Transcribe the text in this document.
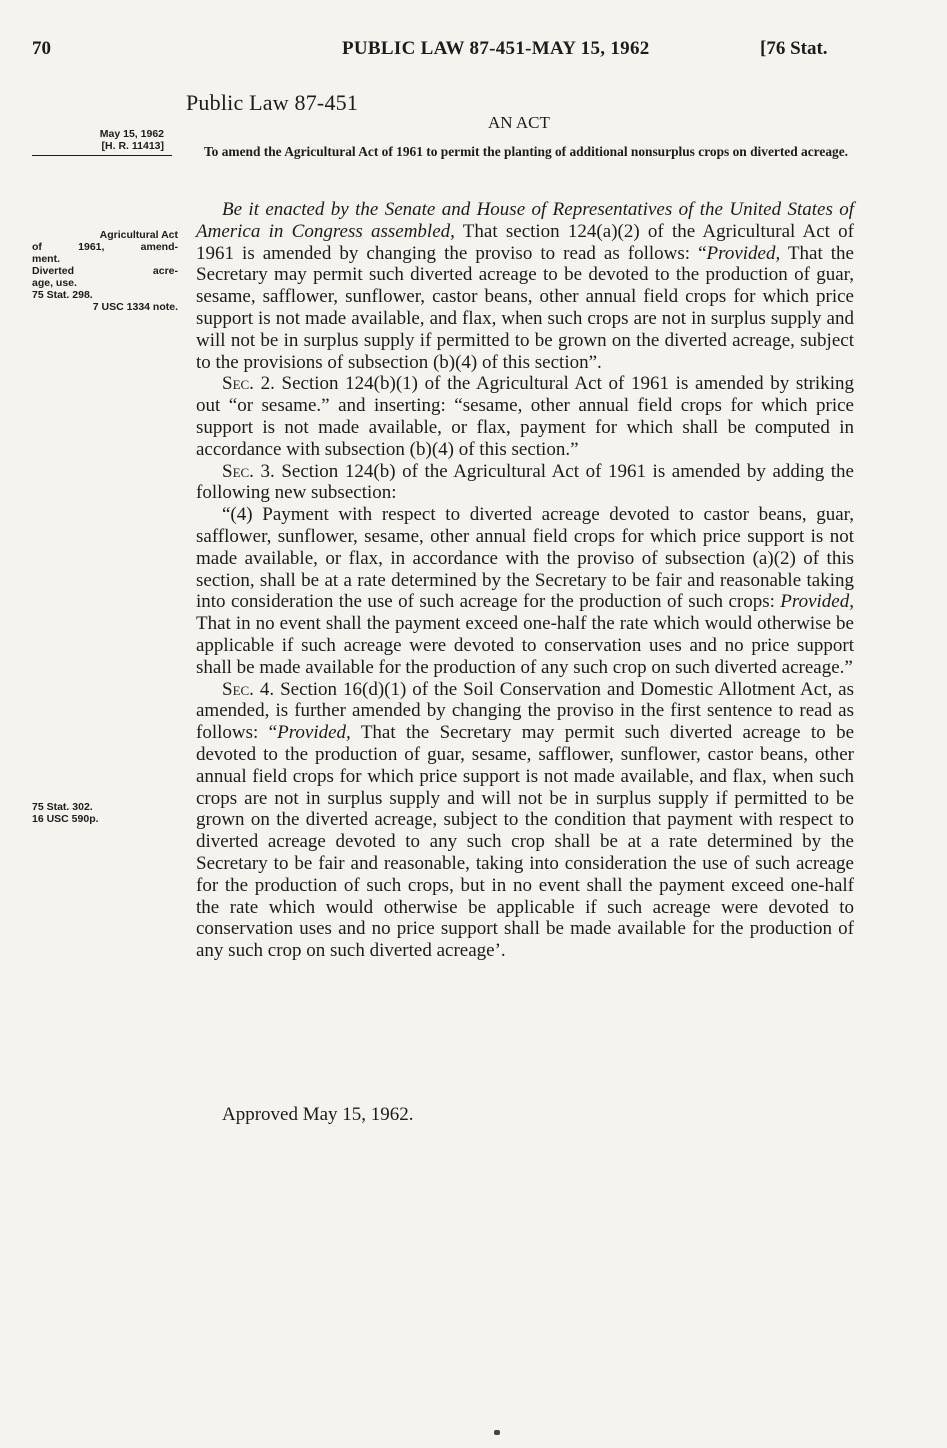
70	PUBLIC LAW 87-451-MAY 15, 1962	[76 Stat.
Public Law 87-451
AN ACT
May 15, 1962
[H. R. 11413]	To amend the Agricultural Act of 1961 to permit the planting of additional nonsurplus crops on diverted acreage.
Agricultural Act
of 1961, amend-
ment.
Diverted acre-
age, use.
75 Stat. 298.
7 USC 1334 note.
75 Stat. 302.
16 USC 590p.

Be it enacted by the Senate and House of Representatives of the United States of America in Congress assembled, That section 124(a)(2) of the Agricultural Act of 1961 is amended by changing the proviso to read as follows: “Provided, That the Secretary may permit such diverted acreage to be devoted to the production of guar, sesame, safflower, sunflower, castor beans, other annual field crops for which price support is not made available, and flax, when such crops are not in surplus supply and will not be in surplus supply if permitted to be grown on the diverted acreage, subject to the provisions of subsection (b)(4) of this section”.

Sec. 2. Section 124(b)(1) of the Agricultural Act of 1961 is amended by striking out “or sesame.” and inserting: “sesame, other annual field crops for which price support is not made available, or flax, payment for which shall be computed in accordance with subsection (b)(4) of this section.”

Sec. 3. Section 124(b) of the Agricultural Act of 1961 is amended by adding the following new subsection:

“(4) Payment with respect to diverted acreage devoted to castor beans, guar, safflower, sunflower, sesame, other annual field crops for which price support is not made available, or flax, in accordance with the proviso of subsection (a)(2) of this section, shall be at a rate determined by the Secretary to be fair and reasonable taking into consideration the use of such acreage for the production of such crops: Provided, That in no event shall the payment exceed one-half the rate which would otherwise be applicable if such acreage were devoted to conservation uses and no price support shall be made available for the production of any such crop on such diverted acreage.”

Sec. 4. Section 16(d)(1) of the Soil Conservation and Domestic Allotment Act, as amended, is further amended by changing the proviso in the first sentence to read as follows: “Provided, That the Secretary may permit such diverted acreage to be devoted to the production of guar, sesame, safflower, sunflower, castor beans, other annual field crops for which price support is not made available, and flax, when such crops are not in surplus supply and will not be in surplus supply if permitted to be grown on the diverted acreage, subject to the condition that payment with respect to diverted acreage devoted to any such crop shall be at a rate determined by the Secretary to be fair and reasonable, taking into consideration the use of such acreage for the production of such crops, but in no event shall the payment exceed one-half the rate which would otherwise be applicable if such acreage were devoted to conservation uses and no price support shall be made available for the production of any such crop on such diverted acreage’.

Approved May 15, 1962.
